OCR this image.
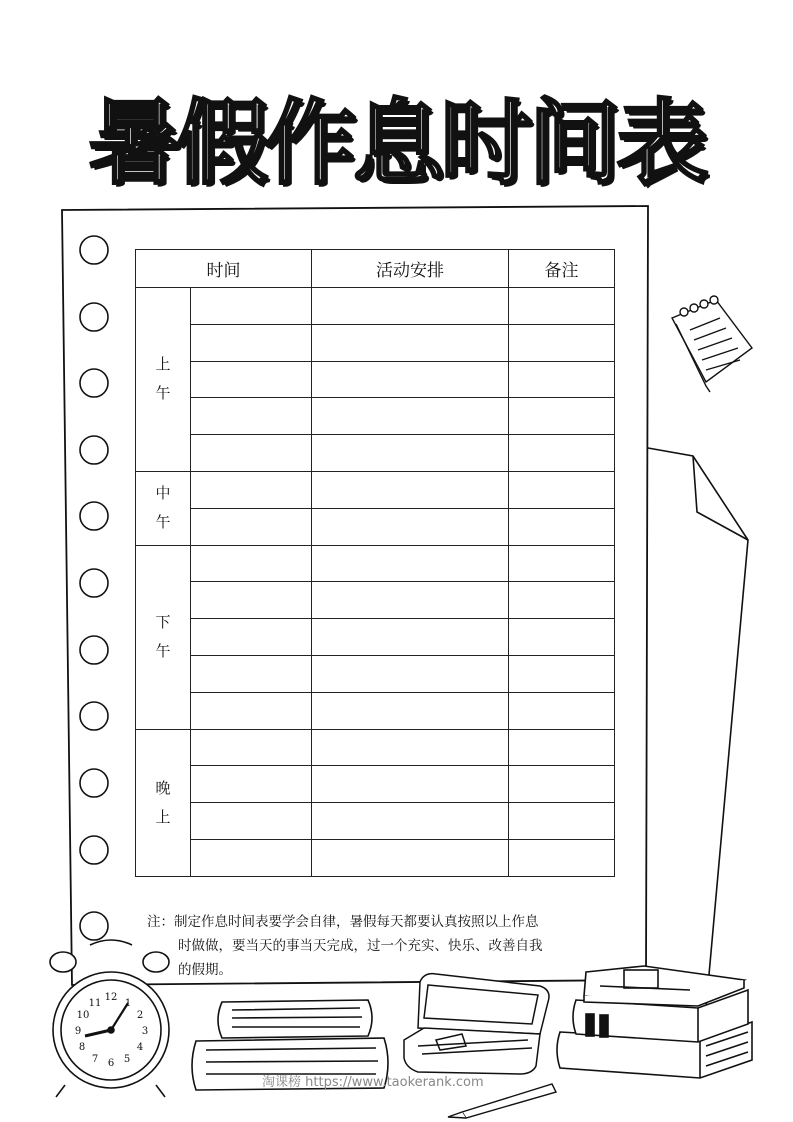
12
3
6
9
1
2
4
5
7
8
10
11
暑假作息时间表
时间		活动安排	备注

上
午			

中
午			

下
午			

晚
上			

注：制定作息时间表要学会自律，暑假每天都要认真按照以上作息
时做做，要当天的事当天完成，过一个充实、快乐、改善自我
的假期。
淘课榜 https://www.taokerank.com
